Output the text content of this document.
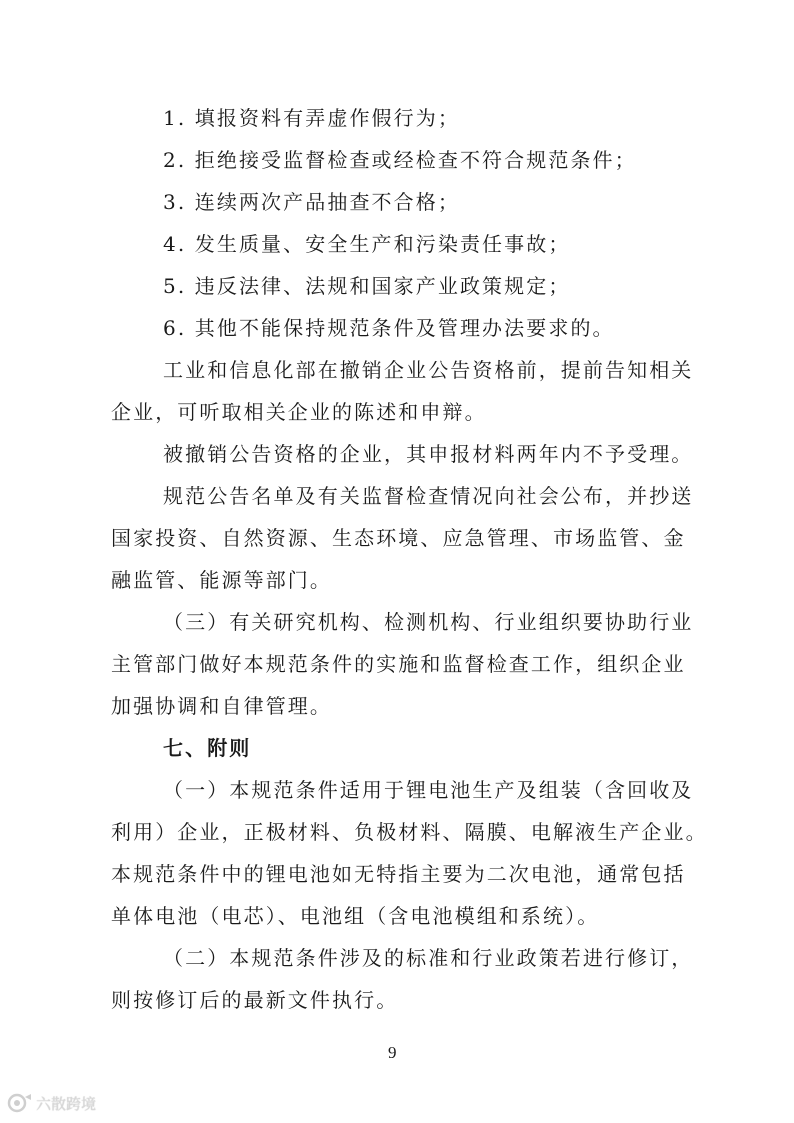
1. 填报资料有弄虚作假行为；
2. 拒绝接受监督检查或经检查不符合规范条件；
3. 连续两次产品抽查不合格；
4. 发生质量、安全生产和污染责任事故；
5. 违反法律、法规和国家产业政策规定；
6. 其他不能保持规范条件及管理办法要求的。
工业和信息化部在撤销企业公告资格前，提前告知相关
企业，可听取相关企业的陈述和申辩。
被撤销公告资格的企业，其申报材料两年内不予受理。
规范公告名单及有关监督检查情况向社会公布，并抄送
国家投资、自然资源、生态环境、应急管理、市场监管、金
融监管、能源等部门。
（三）有关研究机构、检测机构、行业组织要协助行业
主管部门做好本规范条件的实施和监督检查工作，组织企业
加强协调和自律管理。
七、附则
（一）本规范条件适用于锂电池生产及组装（含回收及
利用）企业，正极材料、负极材料、隔膜、电解液生产企业。
本规范条件中的锂电池如无特指主要为二次电池，通常包括
单体电池（电芯）、电池组（含电池模组和系统）。
（二）本规范条件涉及的标准和行业政策若进行修订，
则按修订后的最新文件执行。
9
六散跨境
